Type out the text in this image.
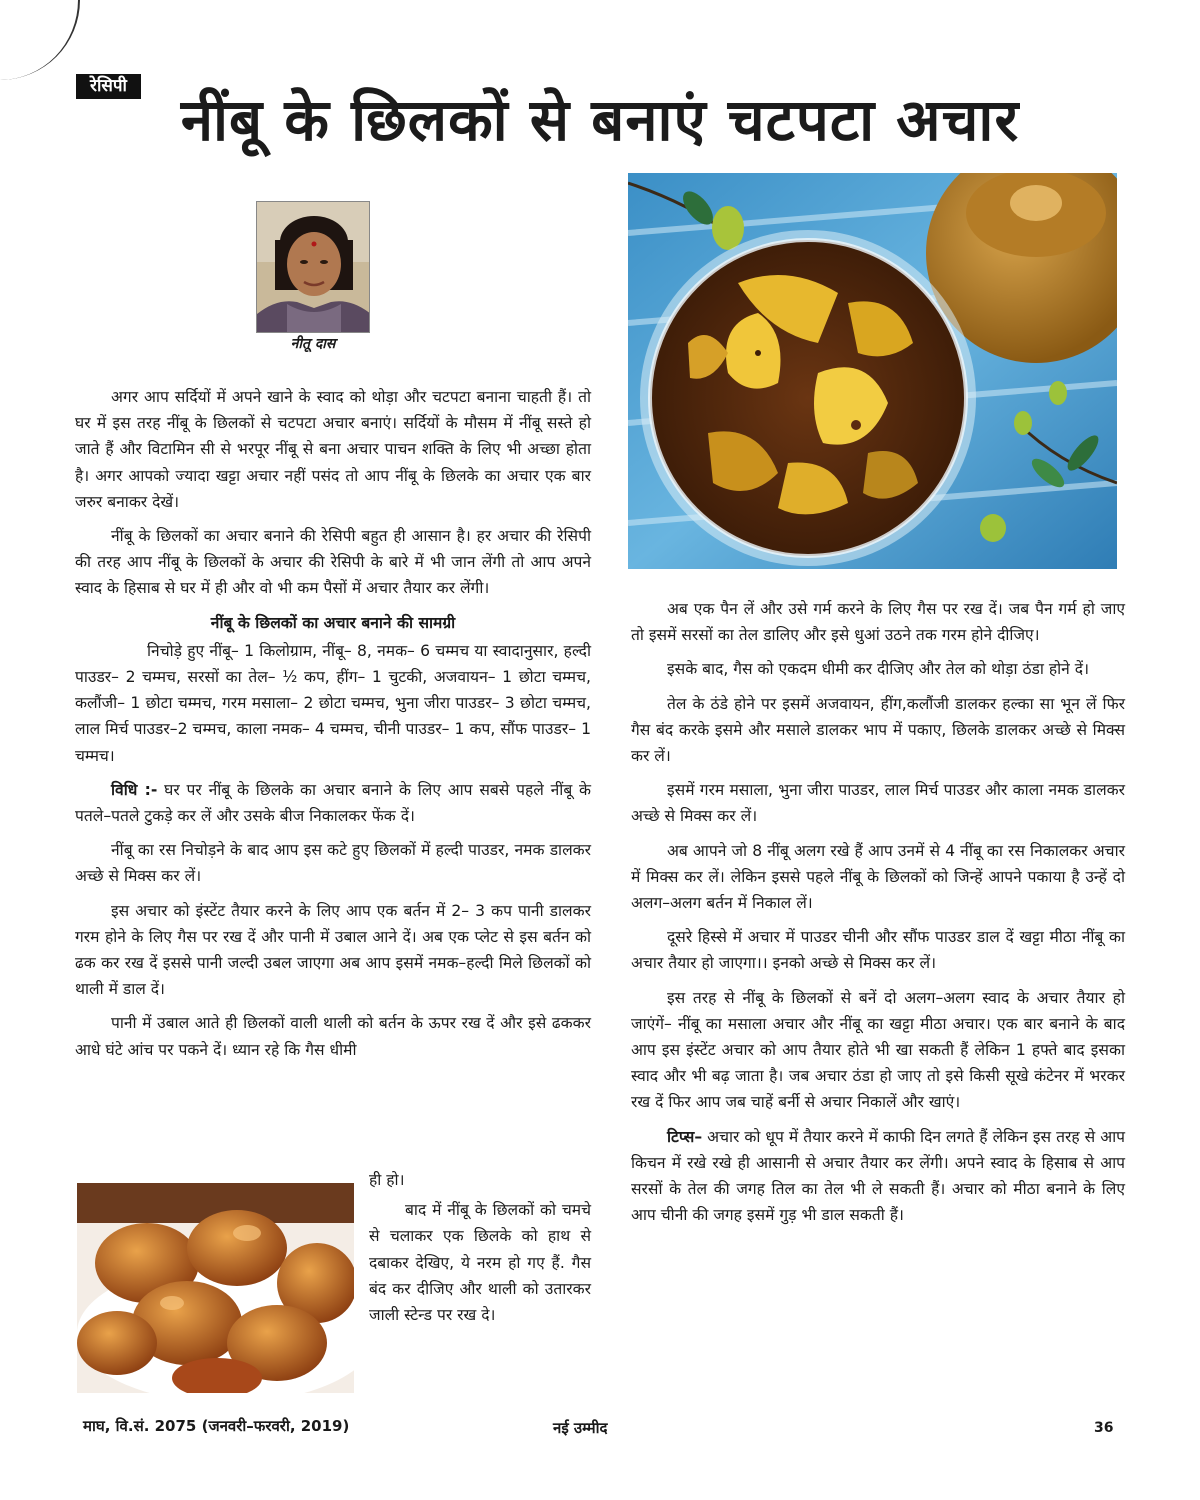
रेसिपी नींबू के छिलकों से बनाएं चटपटा अचार
नीतू दास

अगर आप सर्दियों में अपने खाने के स्वाद को थोड़ा और चटपटा बनाना चाहती हैं। तो घर में इस तरह नींबू के छिलकों से चटपटा अचार बनाएं। सर्दियों के मौसम में नींबू सस्ते हो जाते हैं और विटामिन सी से भरपूर नींबू से बना अचार पाचन शक्ति के लिए भी अच्छा होता है। अगर आपको ज्यादा खट्टा अचार नहीं पसंद तो आप नींबू के छिलके का अचार एक बार जरुर बनाकर देखें।

नींबू के छिलकों का अचार बनाने की रेसिपी बहुत ही आसान है। हर अचार की रेसिपी की तरह आप नींबू के छिलकों के अचार की रेसिपी के बारे में भी जान लेंगी तो आप अपने स्वाद के हिसाब से घर में ही और वो भी कम पैसों में अचार तैयार कर लेंगी।

नींबू के छिलकों का अचार बनाने की सामग्री

निचोड़े हुए नींबू– 1 किलोग्राम, नींबू– 8, नमक– 6 चम्मच या स्वादानुसार, हल्दी पाउडर– 2 चम्मच, सरसों का तेल– ½ कप, हींग– 1 चुटकी, अजवायन– 1 छोटा चम्मच, कलौंजी– 1 छोटा चम्मच, गरम मसाला– 2 छोटा चम्मच, भुना जीरा पाउडर– 3 छोटा चम्मच, लाल मिर्च पाउडर–2 चम्मच, काला नमक– 4 चम्मच, चीनी पाउडर– 1 कप, सौंफ पाउडर– 1 चम्मच।

विधि :- घर पर नींबू के छिलके का अचार बनाने के लिए आप सबसे पहले नींबू के पतले–पतले टुकड़े कर लें और उसके बीज निकालकर फेंक दें।

नींबू का रस निचोड़ने के बाद आप इस कटे हुए छिलकों में हल्दी पाउडर, नमक डालकर अच्छे से मिक्स कर लें।

इस अचार को इंस्टेंट तैयार करने के लिए आप एक बर्तन में 2– 3 कप पानी डालकर गरम होने के लिए गैस पर रख दें और पानी में उबाल आने दें। अब एक प्लेट से इस बर्तन को ढक कर रख दें इससे पानी जल्दी उबल जाएगा अब आप इसमें नमक–हल्दी मिले छिलकों को थाली में डाल दें।

पानी में उबाल आते ही छिलकों वाली थाली को बर्तन के ऊपर रख दें और इसे ढककर आधे घंटे आंच पर पकने दें। ध्यान रहे कि गैस धीमी

ही हो।
बाद में नींबू के छिलकों को चमचे से चलाकर एक छिलके को हाथ से दबाकर देखिए, ये नरम हो गए हैं. गैस बंद कर दीजिए और थाली को उतारकर जाली स्टेन्ड पर रख दे।

अब एक पैन लें और उसे गर्म करने के लिए गैस पर रख दें। जब पैन गर्म हो जाए तो इसमें सरसों का तेल डालिए और इसे धुआं उठने तक गरम होने दीजिए।

इसके बाद, गैस को एकदम धीमी कर दीजिए और तेल को थोड़ा ठंडा होने दें।

तेल के ठंडे होने पर इसमें अजवायन, हींग,कलौंजी डालकर हल्का सा भून लें फिर गैस बंद करके इसमे और मसाले डालकर भाप में पकाए, छिलके डालकर अच्छे से मिक्स कर लें।

इसमें गरम मसाला, भुना जीरा पाउडर, लाल मिर्च पाउडर और काला नमक डालकर अच्छे से मिक्स कर लें।

अब आपने जो 8 नींबू अलग रखे हैं आप उनमें से 4 नींबू का रस निकालकर अचार में मिक्स कर लें। लेकिन इससे पहले नींबू के छिलकों को जिन्हें आपने पकाया है उन्हें दो अलग–अलग बर्तन में निकाल लें।

दूसरे हिस्से में अचार में पाउडर चीनी और सौंफ पाउडर डाल दें खट्टा मीठा नींबू का अचार तैयार हो जाएगा।। इनको अच्छे से मिक्स कर लें।

इस तरह से नींबू के छिलकों से बनें दो अलग–अलग स्वाद के अचार तैयार हो जाएंगें– नींबू का मसाला अचार और नींबू का खट्टा मीठा अचार। एक बार बनाने के बाद आप इस इंस्टेंट अचार को आप तैयार होते भी खा सकती हैं लेकिन 1 हफ्ते बाद इसका स्वाद और भी बढ़ जाता है। जब अचार ठंडा हो जाए तो इसे किसी सूखे कंटेनर में भरकर रख दें फिर आप जब चाहें बर्नी से अचार निकालें और खाएं।

टिप्स– अचार को धूप में तैयार करने में काफी दिन लगते हैं लेकिन इस तरह से आप किचन में रखे रखे ही आसानी से अचार तैयार कर लेंगी। अपने स्वाद के हिसाब से आप सरसों के तेल की जगह तिल का तेल भी ले सकती हैं। अचार को मीठा बनाने के लिए आप चीनी की जगह इसमें गुड़ भी डाल सकती हैं।

माघ, वि.सं. 2075 (जनवरी–फरवरी, 2019)	नई उम्मीद	36
